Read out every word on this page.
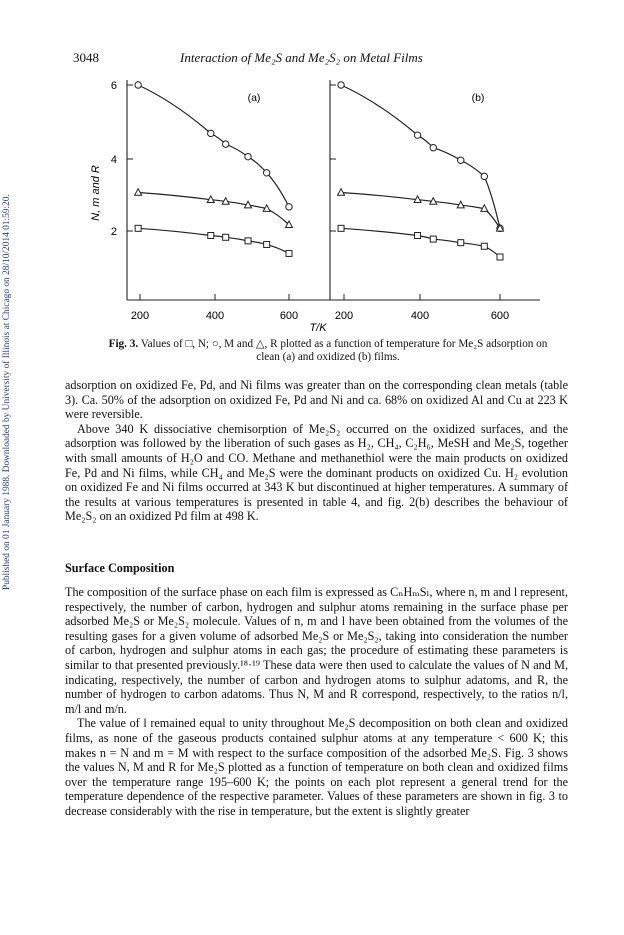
Published on 01 January 1988. Downloaded by University of Illinois at Chicago on 28/10/2014 01:59:20.
3048	Interaction of Me₂S and Me₂S₂ on Metal Films
6
4
2
200	400	600	200	400	600
T/K
N, m and R
(a)	(b)
Fig. 3. Values of □, N; ○, M and △, R plotted as a function of temperature for Me₂S adsorption on clean (a) and oxidized (b) films.

adsorption on oxidized Fe, Pd, and Ni films was greater than on the corresponding clean metals (table 3). Ca. 50% of the adsorption on oxidized Fe, Pd and Ni and ca. 68% on oxidized Al and Cu at 223 K were reversible.

Above 340 K dissociative chemisorption of Me₂S₂ occurred on the oxidized surfaces, and the adsorption was followed by the liberation of such gases as H₂, CH₄, C₂H₆, MeSH and Me₂S, together with small amounts of H₂O and CO. Methane and methanethiol were the main products on oxidized Fe, Pd and Ni films, while CH₄ and Me₂S were the dominant products on oxidized Cu. H₂ evolution on oxidized Fe and Ni films occurred at 343 K but discontinued at higher temperatures. A summary of the results at various temperatures is presented in table 4, and fig. 2(b) describes the behaviour of Me₂S₂ on an oxidized Pd film at 498 K.

Surface Composition

The composition of the surface phase on each film is expressed as CₙHₘSₗ, where n, m and l represent, respectively, the number of carbon, hydrogen and sulphur atoms remaining in the surface phase per adsorbed Me₂S or Me₂S₂ molecule. Values of n, m and l have been obtained from the volumes of the resulting gases for a given volume of adsorbed Me₂S or Me₂S₂, taking into consideration the number of carbon, hydrogen and sulphur atoms in each gas; the procedure of estimating these parameters is similar to that presented previously.¹⁸·¹⁹ These data were then used to calculate the values of N and M, indicating, respectively, the number of carbon and hydrogen atoms to sulphur adatoms, and R, the number of hydrogen to carbon adatoms. Thus N, M and R correspond, respectively, to the ratios n/l, m/l and m/n.

The value of l remained equal to unity throughout Me₂S decomposition on both clean and oxidized films, as none of the gaseous products contained sulphur atoms at any temperature < 600 K; this makes n = N and m = M with respect to the surface composition of the adsorbed Me₂S. Fig. 3 shows the values N, M and R for Me₂S plotted as a function of temperature on both clean and oxidized films over the temperature range 195–600 K; the points on each plot represent a general trend for the temperature dependence of the respective parameter. Values of these parameters are shown in fig. 3 to decrease considerably with the rise in temperature, but the extent is slightly greater
